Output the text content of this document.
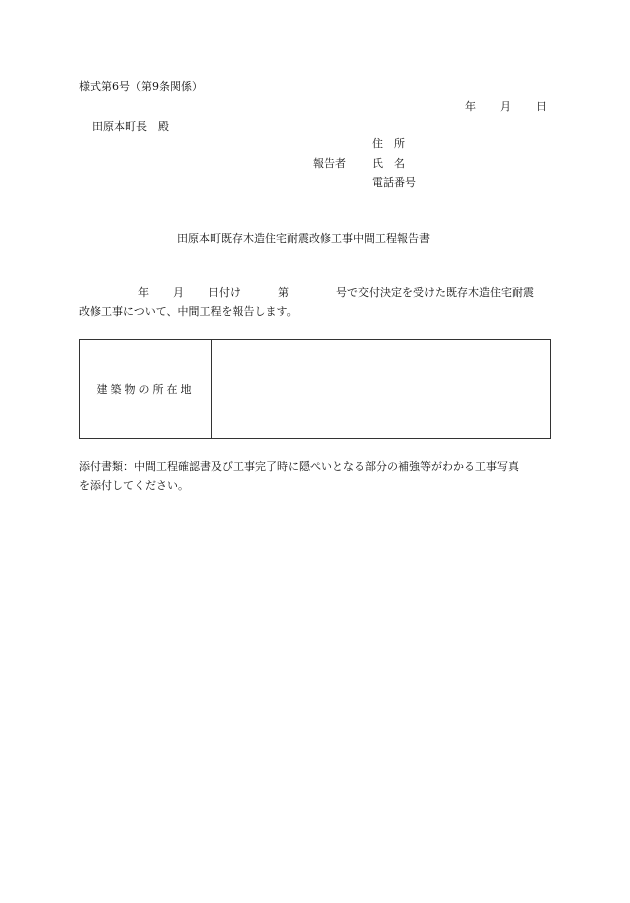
様式第6号（第9条関係）
年 月 日
田原本町長　殿
住　所
報告者 氏　名
電話番号
田原本町既存木造住宅耐震改修工事中間工程報告書
年 月 日付け	第	号で交付決定を受けた既存木造住宅耐震
改修工事について、中間工程を報告します。
建築物の所在地	
添付書類：中間工程確認書及び工事完了時に隠ぺいとなる部分の補強等がわかる工事写真
を添付してください。
